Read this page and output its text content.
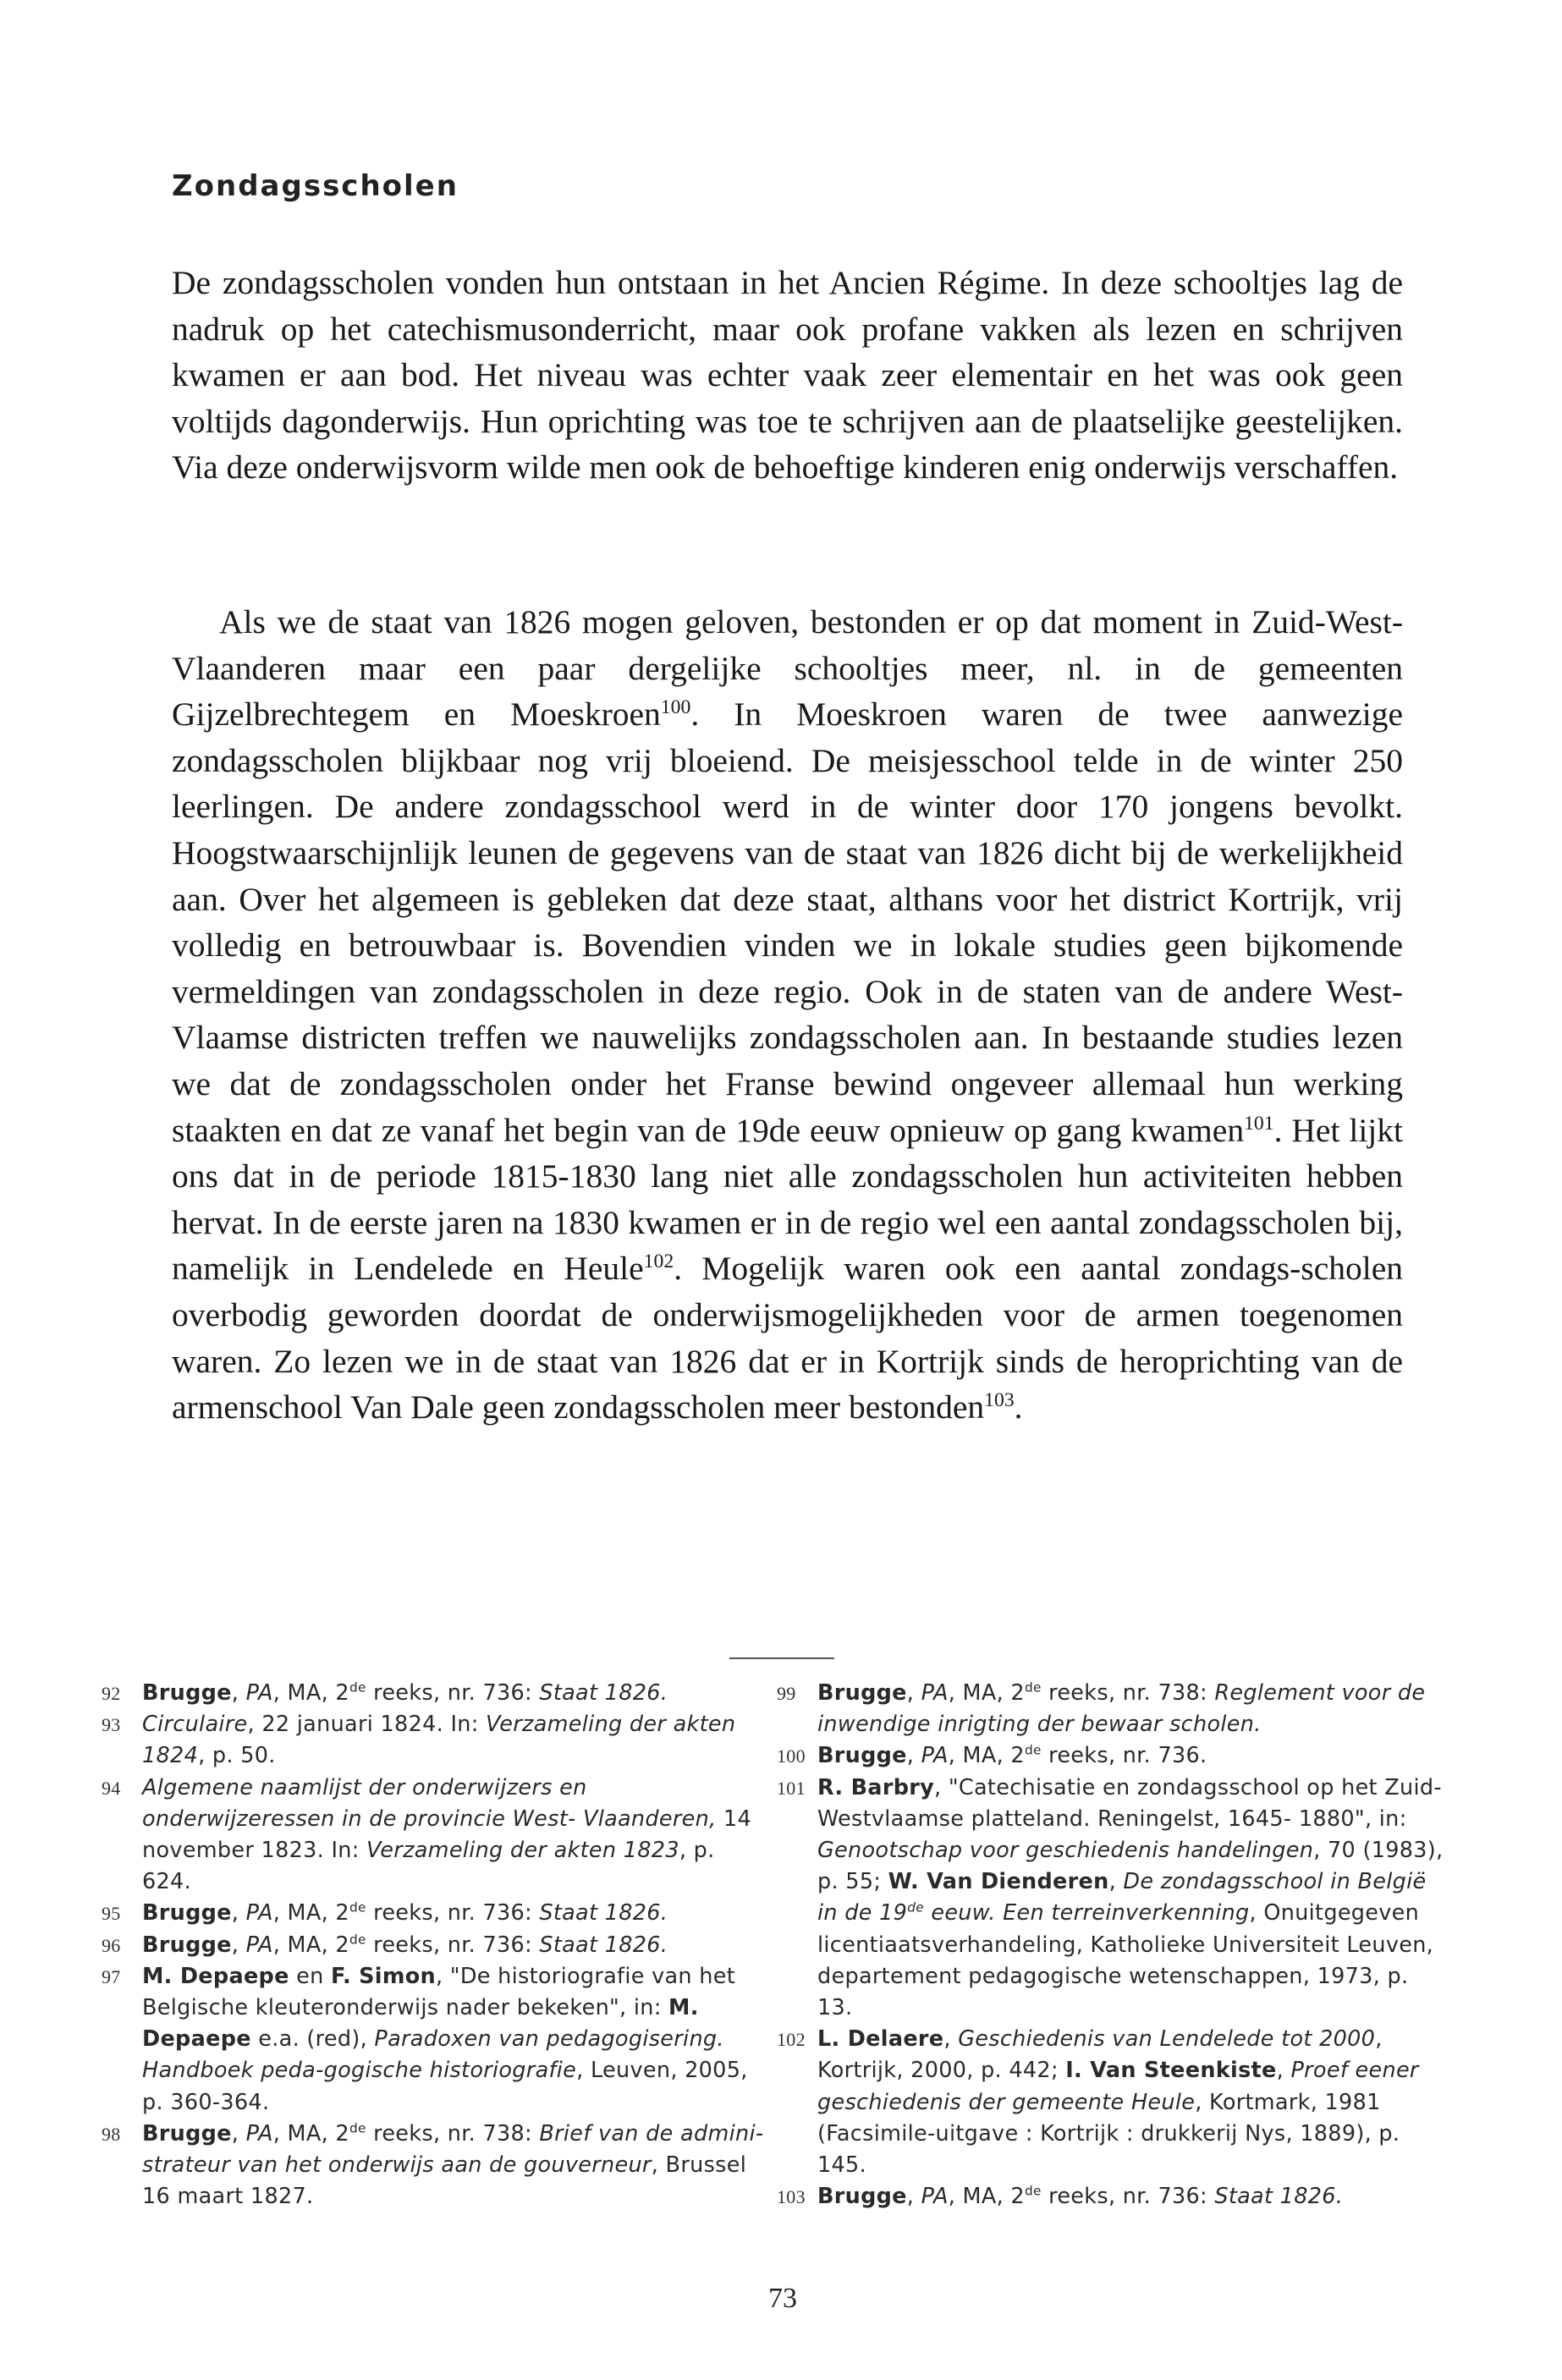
Zondagsscholen

De zondagsscholen vonden hun ontstaan in het Ancien Régime. In deze schooltjes lag de nadruk op het catechismusonderricht, maar ook profane vakken als lezen en schrijven kwamen er aan bod. Het niveau was echter vaak zeer elementair en het was ook geen voltijds dagonderwijs. Hun oprichting was toe te schrijven aan de plaatselijke geestelijken. Via deze onderwijsvorm wilde men ook de behoeftige kinderen enig onderwijs verschaffen.

Als we de staat van 1826 mogen geloven, bestonden er op dat moment in Zuid-West-Vlaanderen maar een paar dergelijke schooltjes meer, nl. in de gemeenten Gijzelbrechtegem en Moeskroen$^{100}$. In Moeskroen waren de twee aanwezige zondagsscholen blijkbaar nog vrij bloeiend. De meisjesschool telde in de winter 250 leerlingen. De andere zondagsschool werd in de winter door 170 jongens bevolkt. Hoogstwaarschijnlijk leunen de gegevens van de staat van 1826 dicht bij de werkelijkheid aan. Over het algemeen is gebleken dat deze staat, althans voor het district Kortrijk, vrij volledig en betrouwbaar is. Bovendien vinden we in lokale studies geen bijkomende vermeldingen van zondagsscholen in deze regio. Ook in de staten van de andere West-Vlaamse districten treffen we nauwelijks zondagsscholen aan. In bestaande studies lezen we dat de zondagsscholen onder het Franse bewind ongeveer allemaal hun werking staakten en dat ze vanaf het begin van de 19de eeuw opnieuw op gang kwamen$^{101}$. Het lijkt ons dat in de periode 1815-1830 lang niet alle zondagsscholen hun activiteiten hebben hervat. In de eerste jaren na 1830 kwamen er in de regio wel een aantal zondagsscholen bij, namelijk in Lendelede en Heule$^{102}$. Mogelijk waren ook een aantal zondags-scholen overbodig geworden doordat de onderwijsmogelijkheden voor de armen toegenomen waren. Zo lezen we in de staat van 1826 dat er in Kortrijk sinds de heroprichting van de armenschool Van Dale geen zondagsscholen meer bestonden$^{103}$.

92 Brugge, PA, MA, 2de reeks, nr. 736: Staat 1826.
93 Circulaire, 22 januari 1824. In: Verzameling der akten 1824, p. 50.
94 Algemene naamlijst der onderwijzers en onderwijzeressen in de provincie West- Vlaanderen, 14 november 1823. In: Verzameling der akten 1823, p. 624.
95 Brugge, PA, MA, 2de reeks, nr. 736: Staat 1826.
96 Brugge, PA, MA, 2de reeks, nr. 736: Staat 1826.
97 M. Depaepe en F. Simon, "De historiografie van het Belgische kleuteronderwijs nader bekeken", in: M. Depaepe e.a. (red), Paradoxen van pedagogisering. Handboek peda-gogische historiografie, Leuven, 2005, p. 360-364.
98 Brugge, PA, MA, 2de reeks, nr. 738: Brief van de admini-strateur van het onderwijs aan de gouverneur, Brussel 16 maart 1827.
99 Brugge, PA, MA, 2de reeks, nr. 738: Reglement voor de inwendige inrigting der bewaar scholen.
100 Brugge, PA, MA, 2de reeks, nr. 736.
101 R. Barbry, "Catechisatie en zondagsschool op het Zuid-Westvlaamse platteland. Reningelst, 1645- 1880", in: Genootschap voor geschiedenis handelingen, 70 (1983), p. 55; W. Van Dienderen, De zondagsschool in België in de 19de eeuw. Een terreinverkenning, Onuitgegeven licentiaatsverhandeling, Katholieke Universiteit Leuven, departement pedagogische wetenschappen, 1973, p. 13.
102 L. Delaere, Geschiedenis van Lendelede tot 2000, Kortrijk, 2000, p. 442; I. Van Steenkiste, Proef eener geschiedenis der gemeente Heule, Kortmark, 1981 (Facsimile-uitgave : Kortrijk : drukkerij Nys, 1889), p. 145.
103 Brugge, PA, MA, 2de reeks, nr. 736: Staat 1826.
73
